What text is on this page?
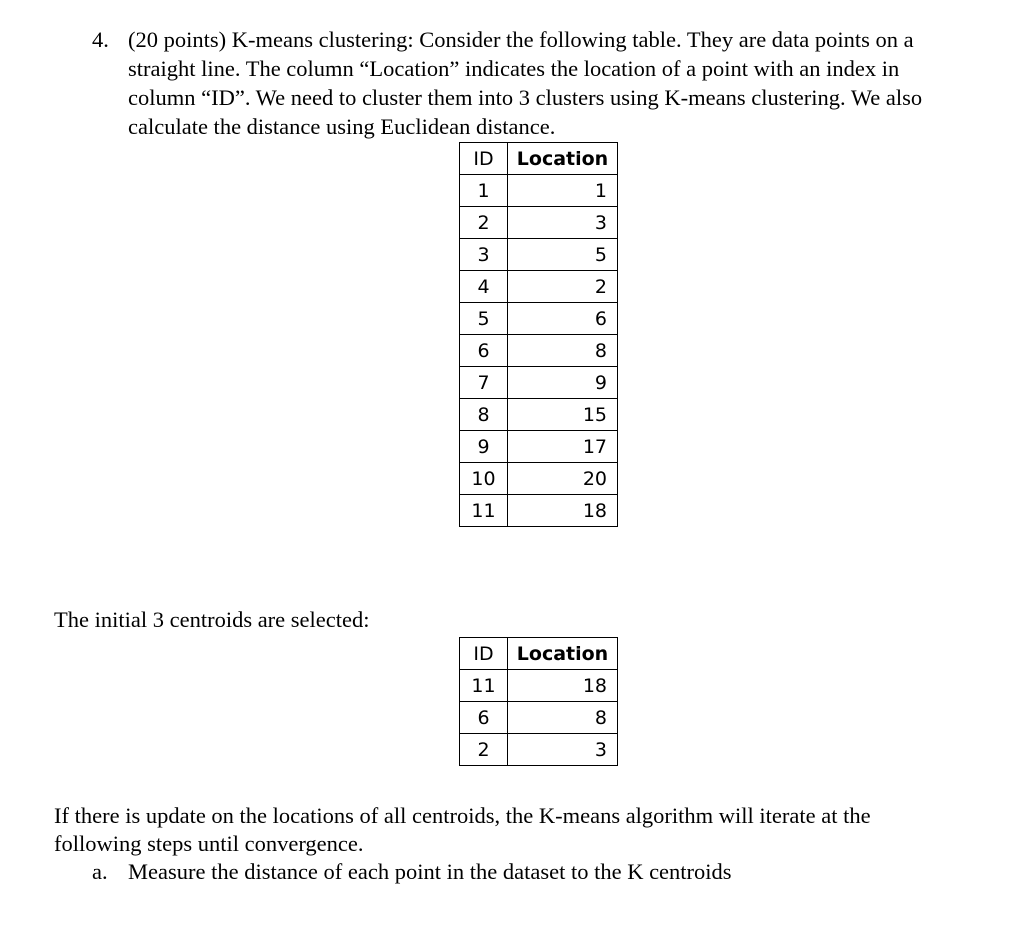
4. (20 points) K-means clustering: Consider the following table. They are data points on a
straight line. The column “Location” indicates the location of a point with an index in
column “ID”. We need to cluster them into 3 clusters using K-means clustering. We also
calculate the distance using Euclidean distance.
ID	Location
1	1
2	3
3	5
4	2
5	6
6	8
7	9
8	15
9	17
10	20
11	18
The initial 3 centroids are selected:
ID	Location
11	18
6	8
2	3
If there is update on the locations of all centroids, the K-means algorithm will iterate at the
following steps until convergence.
a. Measure the distance of each point in the dataset to the K centroids
